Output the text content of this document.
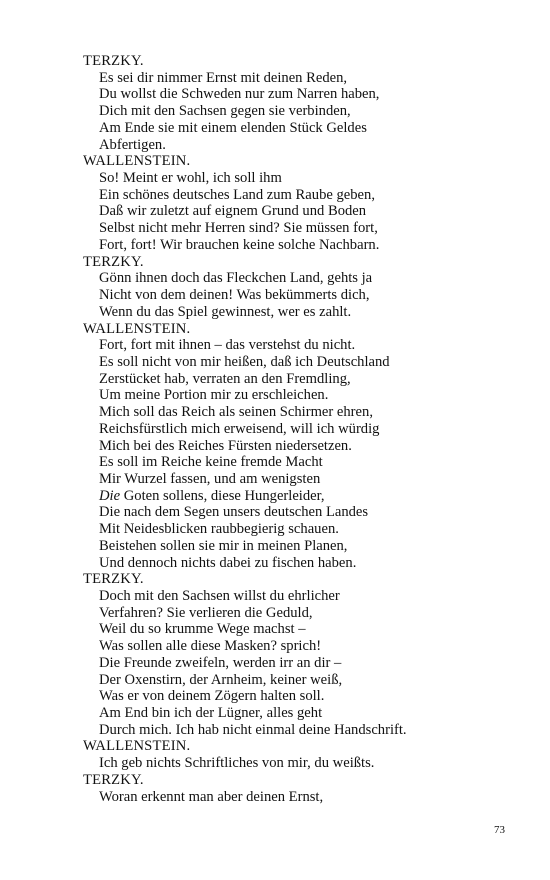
TERZKY.
Es sei dir nimmer Ernst mit deinen Reden,
Du wollst die Schweden nur zum Narren haben,
Dich mit den Sachsen gegen sie verbinden,
Am Ende sie mit einem elenden Stück Geldes
Abfertigen.
WALLENSTEIN.
So! Meint er wohl, ich soll ihm
Ein schönes deutsches Land zum Raube geben,
Daß wir zuletzt auf eignem Grund und Boden
Selbst nicht mehr Herren sind? Sie müssen fort,
Fort, fort! Wir brauchen keine solche Nachbarn.
TERZKY.
Gönn ihnen doch das Fleckchen Land, gehts ja
Nicht von dem deinen! Was bekümmerts dich,
Wenn du das Spiel gewinnest, wer es zahlt.
WALLENSTEIN.
Fort, fort mit ihnen – das verstehst du nicht.
Es soll nicht von mir heißen, daß ich Deutschland
Zerstücket hab, verraten an den Fremdling,
Um meine Portion mir zu erschleichen.
Mich soll das Reich als seinen Schirmer ehren,
Reichsfürstlich mich erweisend, will ich würdig
Mich bei des Reiches Fürsten niedersetzen.
Es soll im Reiche keine fremde Macht
Mir Wurzel fassen, und am wenigsten
Die Goten sollens, diese Hungerleider,
Die nach dem Segen unsers deutschen Landes
Mit Neidesblicken raubbegierig schauen.
Beistehen sollen sie mir in meinen Planen,
Und dennoch nichts dabei zu fischen haben.
TERZKY.
Doch mit den Sachsen willst du ehrlicher
Verfahren? Sie verlieren die Geduld,
Weil du so krumme Wege machst –
Was sollen alle diese Masken? sprich!
Die Freunde zweifeln, werden irr an dir –
Der Oxenstirn, der Arnheim, keiner weiß,
Was er von deinem Zögern halten soll.
Am End bin ich der Lügner, alles geht
Durch mich. Ich hab nicht einmal deine Handschrift.
WALLENSTEIN.
Ich geb nichts Schriftliches von mir, du weißts.
TERZKY.
Woran erkennt man aber deinen Ernst,
73
